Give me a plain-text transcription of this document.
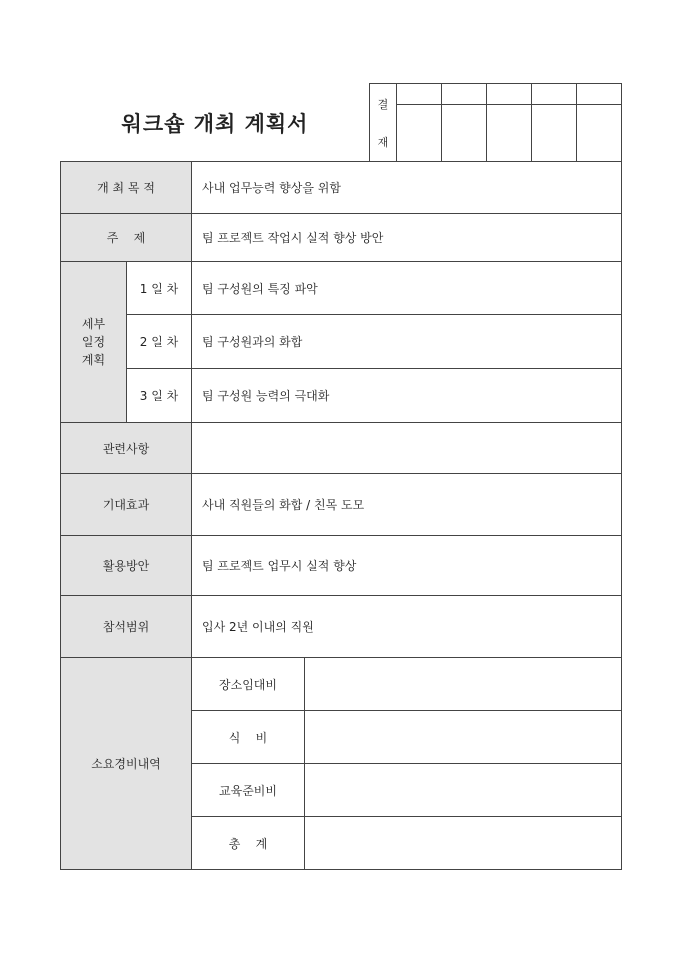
워크숍 개최 계획서
결
재					

개 최 목 적		사내 업무능력 향상을 위함	
주    제		팀 프로젝트 작업시 실적 향상 방안	
세부
일정
계획	1 일 차	팀 구성원의 특징 파악	
	2 일 차	팀 구성원과의 화합	
	3 일 차	팀 구성원 능력의 극대화	
관련사항			
기대효과		사내 직원들의 화합 / 친목 도모	
활용방안		팀 프로젝트 업무시 실적 향상	
참석범위		입사 2년 이내의 직원	
소요경비내역		장소임대비	
		식    비	
		교육준비비	
		총    계	
